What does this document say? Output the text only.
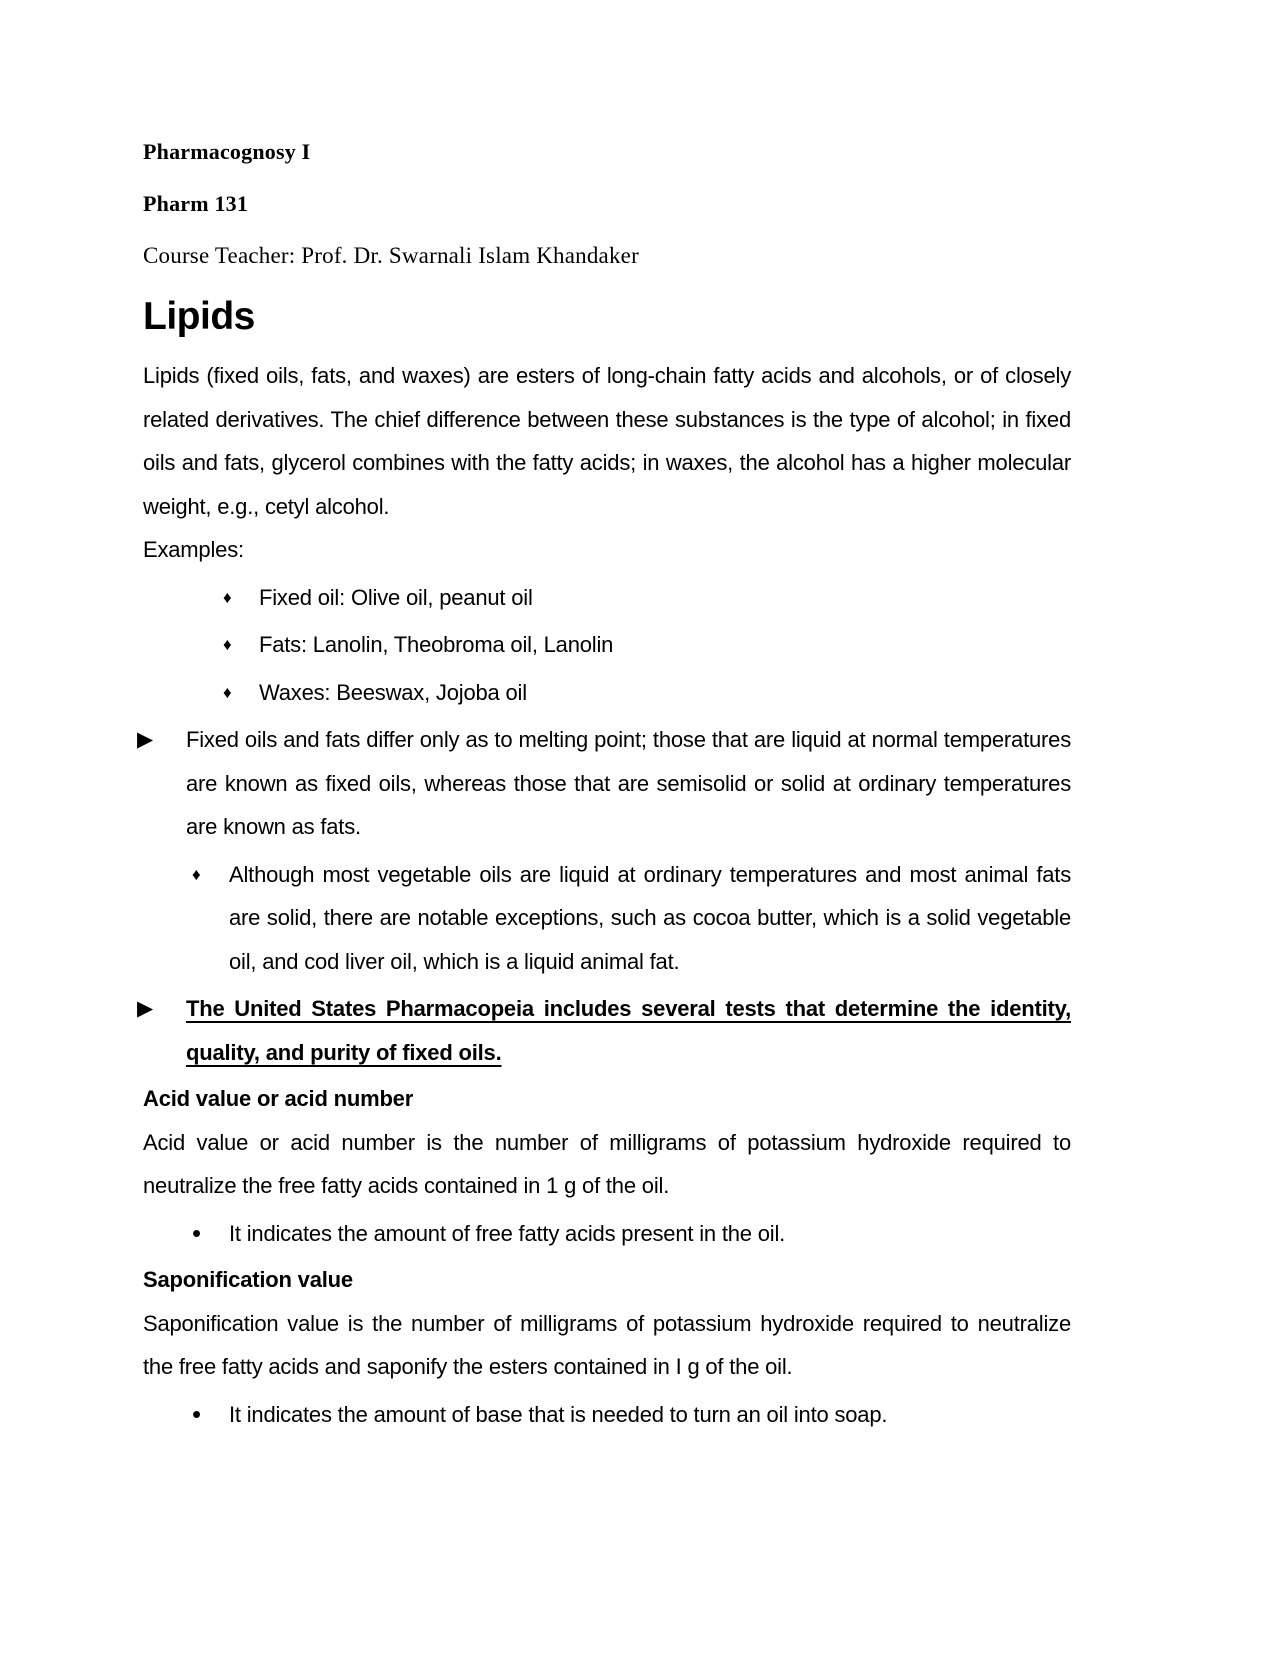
Pharmacognosy I

Pharm 131

Course Teacher: Prof. Dr. Swarnali Islam Khandaker

Lipids

Lipids (fixed oils, fats, and waxes) are esters of long-chain fatty acids and alcohols, or of closely related derivatives. The chief difference between these substances is the type of alcohol; in fixed oils and fats, glycerol combines with the fatty acids; in waxes, the alcohol has a higher molecular weight, e.g., cetyl alcohol.

Examples:

♦ Fixed oil: Olive oil, peanut oil
♦ Fats: Lanolin, Theobroma oil, Lanolin
♦ Waxes: Beeswax, Jojoba oil
▶ Fixed oils and fats differ only as to melting point; those that are liquid at normal temperatures are known as fixed oils, whereas those that are semisolid or solid at ordinary temperatures are known as fats.
♦ Although most vegetable oils are liquid at ordinary temperatures and most animal fats are solid, there are notable exceptions, such as cocoa butter, which is a solid vegetable oil, and cod liver oil, which is a liquid animal fat.
▶ The United States Pharmacopeia includes several tests that determine the identity, quality, and purity of fixed oils.

Acid value or acid number

Acid value or acid number is the number of milligrams of potassium hydroxide required to neutralize the free fatty acids contained in 1 g of the oil.

• It indicates the amount of free fatty acids present in the oil.

Saponification value

Saponification value is the number of milligrams of potassium hydroxide required to neutralize the free fatty acids and saponify the esters contained in I g of the oil.

• It indicates the amount of base that is needed to turn an oil into soap.
